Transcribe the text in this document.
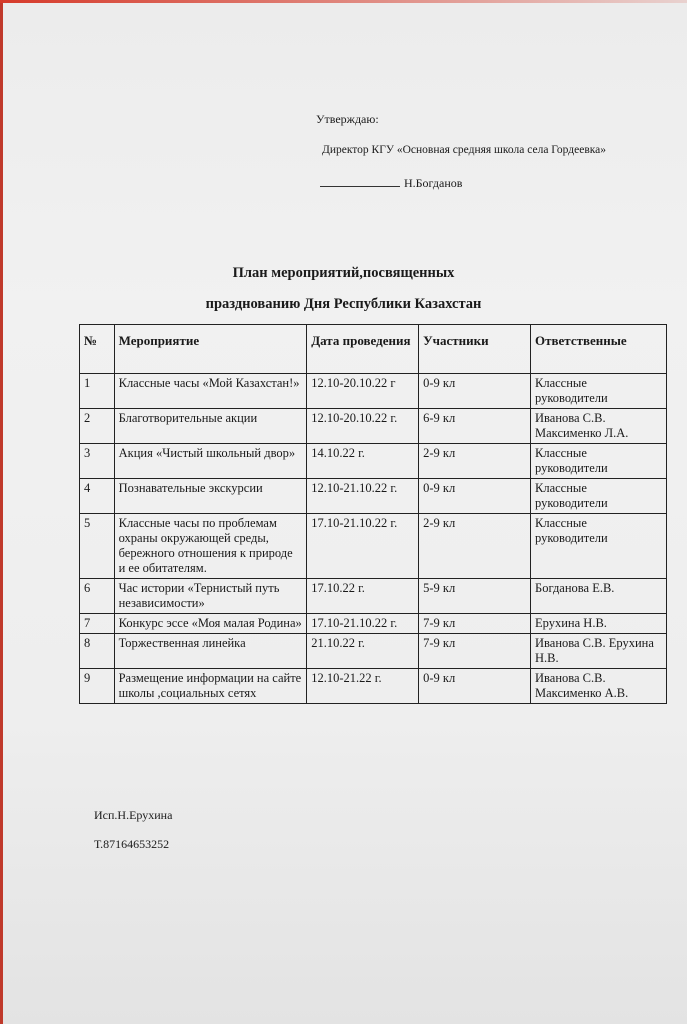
Утверждаю:
Директор КГУ «Основная средняя школа села Гордеевка»
Н.Богданов
План мероприятий,посвященных
празднованию Дня Республики Казахстан
№	Мероприятие	Дата проведения	Участники	Ответственные
1	Классные часы «Мой Казахстан!»	12.10-20.10.22 г	0-9 кл	Классные руководители
2	Благотворительные акции	12.10-20.10.22 г.	6-9 кл	Иванова С.В. Максименко Л.А.
3	Акция «Чистый школьный двор»	14.10.22 г.	2-9 кл	Классные руководители
4	Познавательные экскурсии	12.10-21.10.22 г.	0-9 кл	Классные руководители
5	Классные часы по проблемам охраны окружающей среды, бережного отношения к природе и ее обитателям.	17.10-21.10.22 г.	2-9 кл	Классные руководители
6	Час истории «Тернистый путь независимости»	17.10.22 г.	5-9 кл	Богданова Е.В.
7	Конкурс эссе «Моя малая Родина»	17.10-21.10.22 г.	7-9 кл	Ерухина Н.В.
8	Торжественная линейка	21.10.22 г.	7-9 кл	Иванова С.В. Ерухина Н.В.
9	Размещение информации на сайте школы ,социальных сетях	12.10-21.22 г.	0-9 кл	Иванова С.В. Максименко А.В.
Исп.Н.Ерухина
Т.87164653252
